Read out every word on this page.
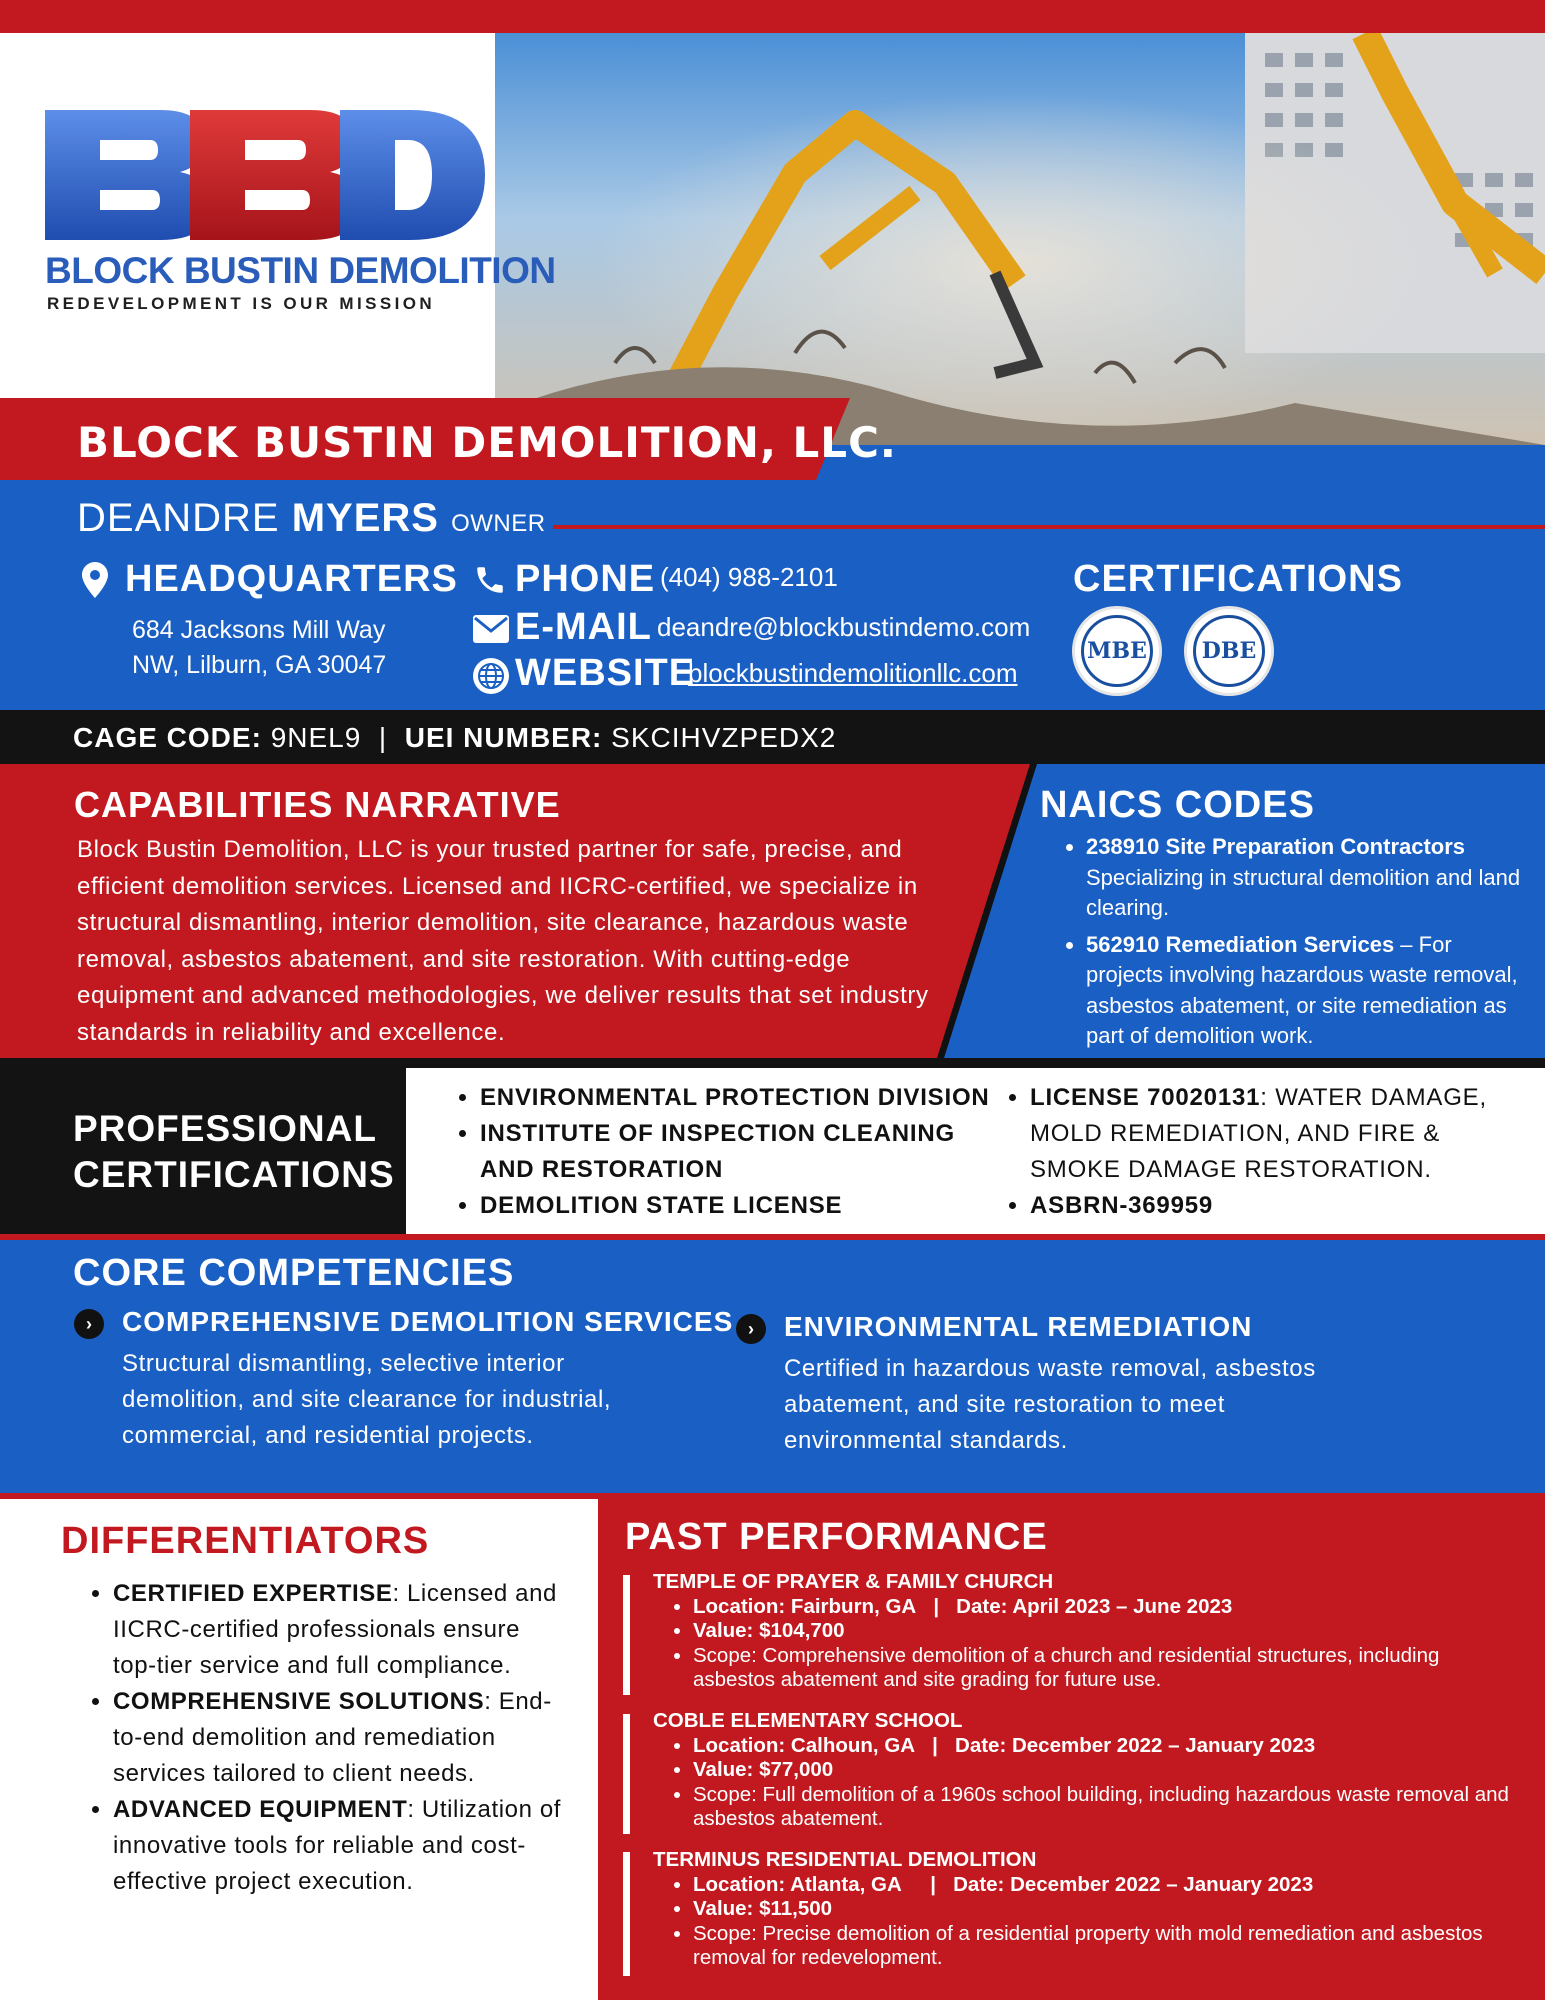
BLOCK BUSTIN DEMOLITION
REDEVELOPMENT IS OUR MISSION
BLOCK BUSTIN DEMOLITION, LLC.
DEANDRE MYERS OWNER
HEADQUARTERS
684 Jacksons Mill Way
NW, Lilburn, GA 30047
PHONE (404) 988-2101
E-MAIL deandre@blockbustindemo.com
WEBSITE
blockbustindemolitionllc.com
CERTIFICATIONS
MBE	DBE
CAGE CODE: 9NEL9 | UEI NUMBER: SKCIHVZPEDX2
CAPABILITIES NARRATIVE
Block Bustin Demolition, LLC is your trusted partner for safe, precise, and efficient demolition services. Licensed and IICRC-certified, we specialize in structural dismantling, interior demolition, site clearance, hazardous waste removal, asbestos abatement, and site restoration. With cutting-edge equipment and advanced methodologies, we deliver results that set industry standards in reliability and excellence.
NAICS CODES
• 238910 Site Preparation Contractors
Specializing in structural demolition and land clearing.
• 562910 Remediation Services – For projects involving hazardous waste removal, asbestos abatement, or site remediation as part of demolition work.
PROFESSIONAL
CERTIFICATIONS
• ENVIRONMENTAL PROTECTION DIVISION
• INSTITUTE OF INSPECTION CLEANING AND RESTORATION
• DEMOLITION STATE LICENSE
• LICENSE 70020131: WATER DAMAGE, MOLD REMEDIATION, AND FIRE & SMOKE DAMAGE RESTORATION.
• ASBRN-369959
CORE COMPETENCIES
›	COMPREHENSIVE DEMOLITION SERVICES
Structural dismantling, selective interior demolition, and site clearance for industrial, commercial, and residential projects.
›	ENVIRONMENTAL REMEDIATION
Certified in hazardous waste removal, asbestos abatement, and site restoration to meet environmental standards.
DIFFERENTIATORS
• CERTIFIED EXPERTISE: Licensed and IICRC-certified professionals ensure top-tier service and full compliance.
• COMPREHENSIVE SOLUTIONS: End-to-end demolition and remediation services tailored to client needs.
• ADVANCED EQUIPMENT: Utilization of innovative tools for reliable and cost-effective project execution.
PAST PERFORMANCE
TEMPLE OF PRAYER & FAMILY CHURCH
• Location: Fairburn, GA | Date: April 2023 – June 2023
• Value: $104,700
• Scope: Comprehensive demolition of a church and residential structures, including asbestos abatement and site grading for future use.
COBLE ELEMENTARY SCHOOL
• Location: Calhoun, GA | Date: December 2022 – January 2023
• Value: $77,000
• Scope: Full demolition of a 1960s school building, including hazardous waste removal and asbestos abatement.
TERMINUS RESIDENTIAL DEMOLITION
• Location: Atlanta, GA | Date: December 2022 – January 2023
• Value: $11,500
• Scope: Precise demolition of a residential property with mold remediation and asbestos removal for redevelopment.
